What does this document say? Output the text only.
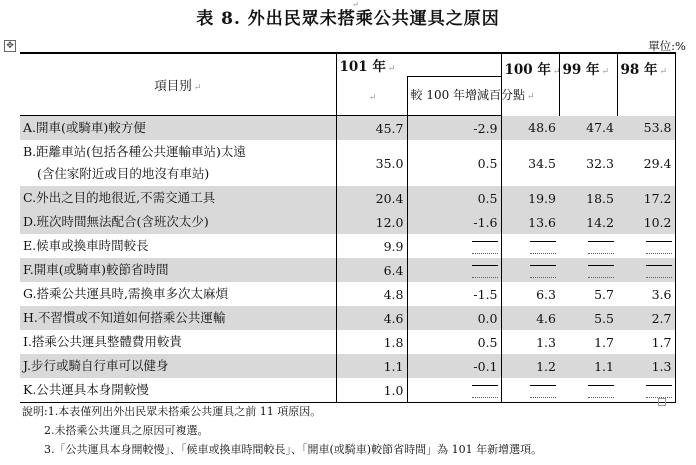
↵
表 8. 外出民眾未搭乘公共運具之原因
單位:%
✥
項目別 ↵	101 年 ↵		100 年 ↵	99 年 ↵	98 年 ↵
	↵	較 100 年增減百分點 ↵			

A.開車(或騎車)較方便	45.7	-2.9	48.6	47.4	53.8

B.距離車站(包括各種公共運輸車站)太遠
(含住家附近或目的地沒有車站)	35.0	0.5	34.5	32.3	29.4

C.外出之目的地很近,不需交通工具	20.4	0.5	19.9	18.5	17.2

D.班次時間無法配合(含班次太少)	12.0	-1.6	13.6	14.2	10.2

E.候車或換車時間較長	9.9				

F.開車(或騎車)較節省時間	6.4				

G.搭乘公共運具時,需換車多次太麻煩	4.8	-1.5	6.3	5.7	3.6

H.不習慣或不知道如何搭乘公共運輸	4.6	0.0	4.6	5.5	2.7

I.搭乘公共運具整體費用較貴	1.8	0.5	1.3	1.7	1.7

J.步行或騎自行車可以健身	1.1	-0.1	1.2	1.1	1.3

K.公共運具本身開較慢	1.0				
說明:1.本表僅列出外出民眾未搭乘公共運具之前 11 項原因。
2.未搭乘公共運具之原因可複選。
3.「公共運具本身開較慢」、「候車或換車時間較長」、「開車(或騎車)較節省時間」為 101 年新增選項。
